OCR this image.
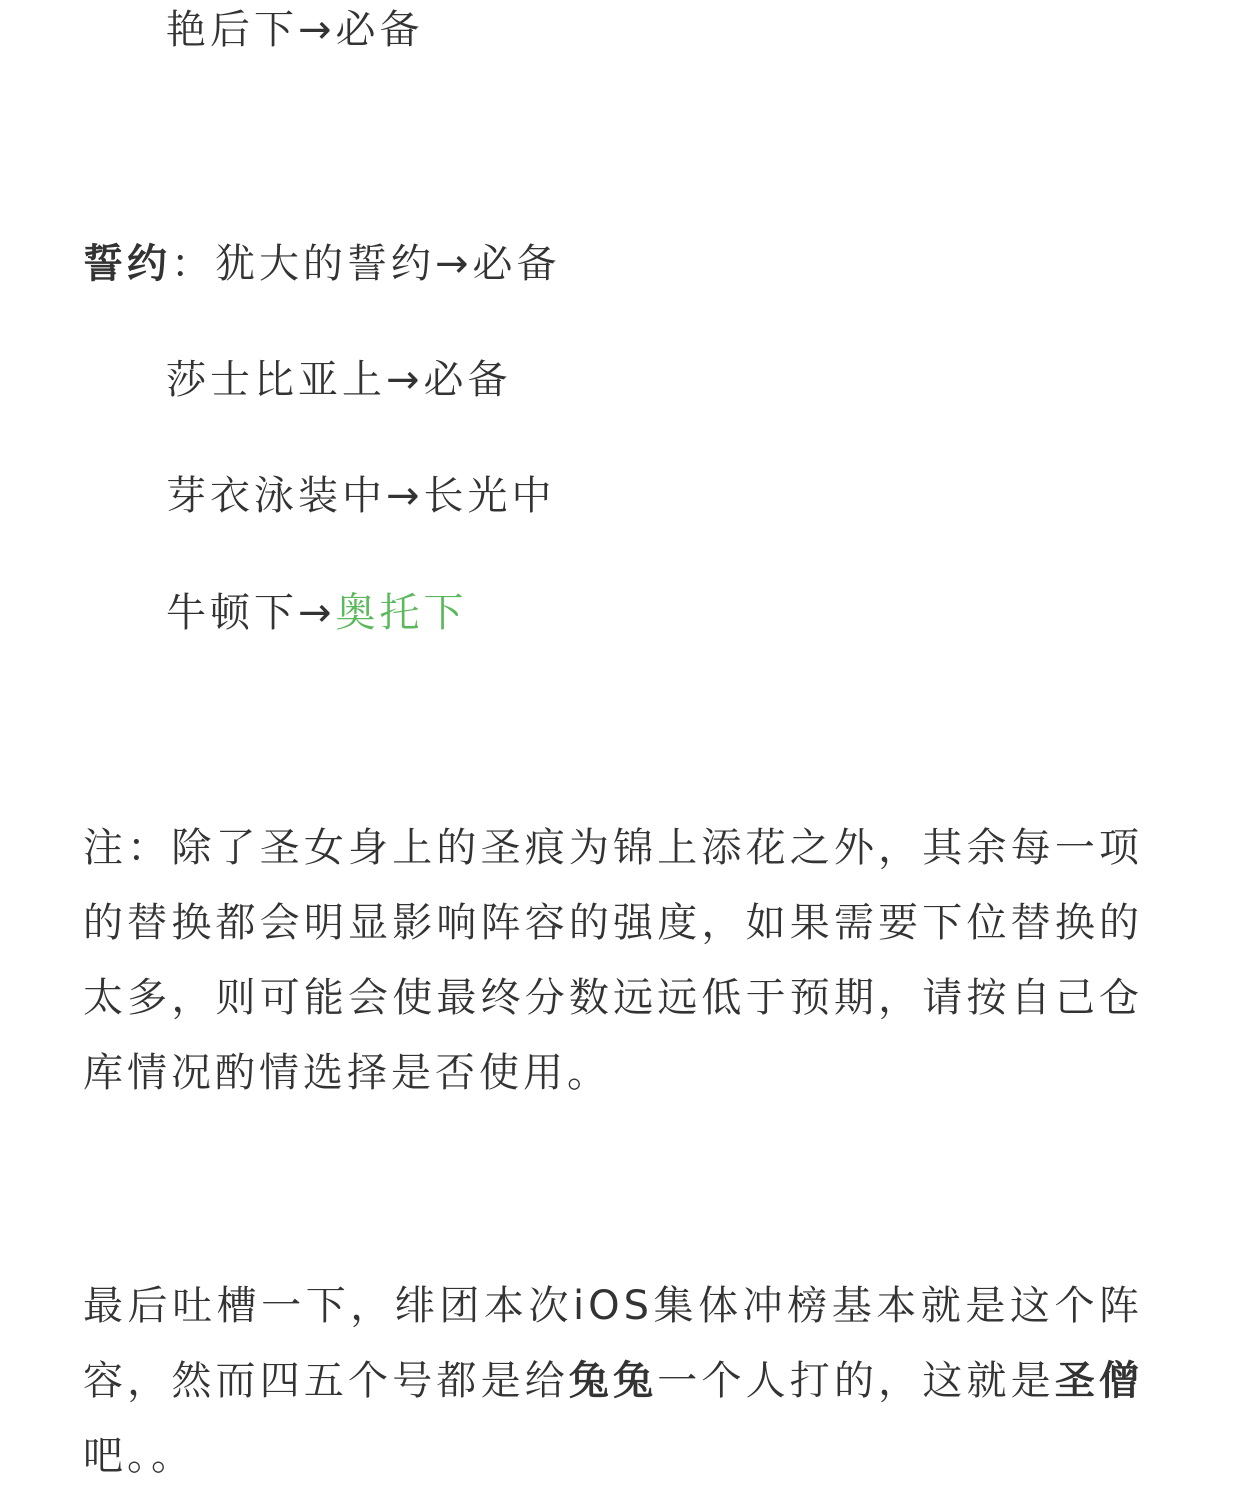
艳后下→必备
誓约：犹大的誓约→必备
莎士比亚上→必备
芽衣泳装中→长光中
牛顿下→奥托下
注：除了圣女身上的圣痕为锦上添花之外，其余每一项的替换都会明显影响阵容的强度，如果需要下位替换的太多，则可能会使最终分数远远低于预期，请按自己仓库情况酌情选择是否使用。
最后吐槽一下，绯团本次iOS集体冲榜基本就是这个阵容，然而四五个号都是给兔兔一个人打的，这就是圣僧吧。。
